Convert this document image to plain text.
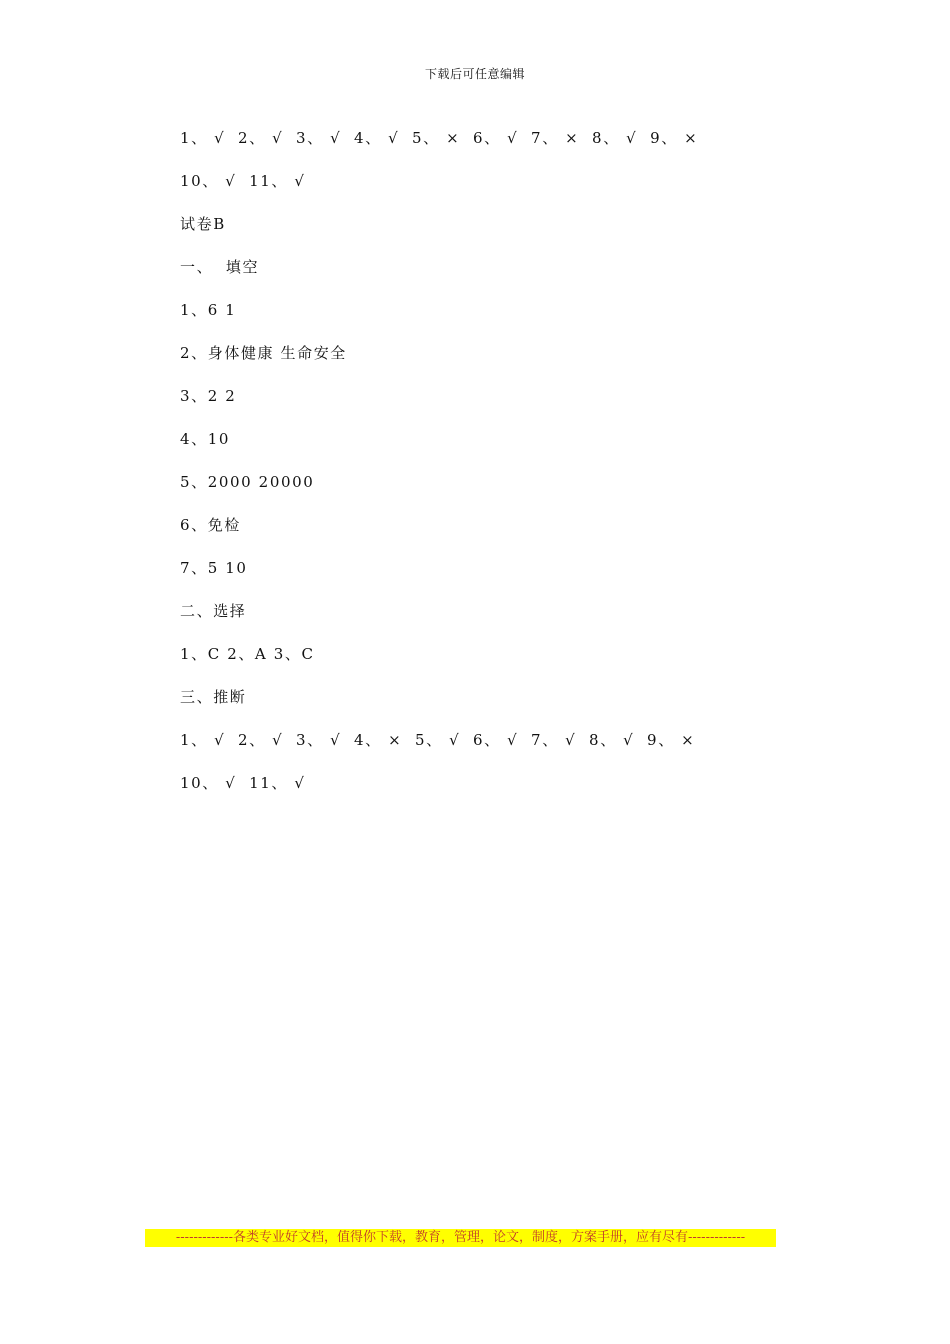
下载后可任意编辑
1、 √  2、 √  3、 √  4、 √  5、 ×  6、 √  7、 ×  8、 √  9、 ×
10、 √  11、 √
试卷B
一、  填空
1、6 1
2、身体健康 生命安全
3、2 2
4、10
5、2000 20000
6、免检
7、5 10
二、选择
1、C 2、A 3、C
三、推断
1、 √  2、 √  3、 √  4、 ×  5、 √  6、 √  7、 √  8、 √  9、 ×
10、 √  11、 √
-------------各类专业好文档，值得你下载，教育，管理，论文，制度，方案手册，应有尽有-------------
